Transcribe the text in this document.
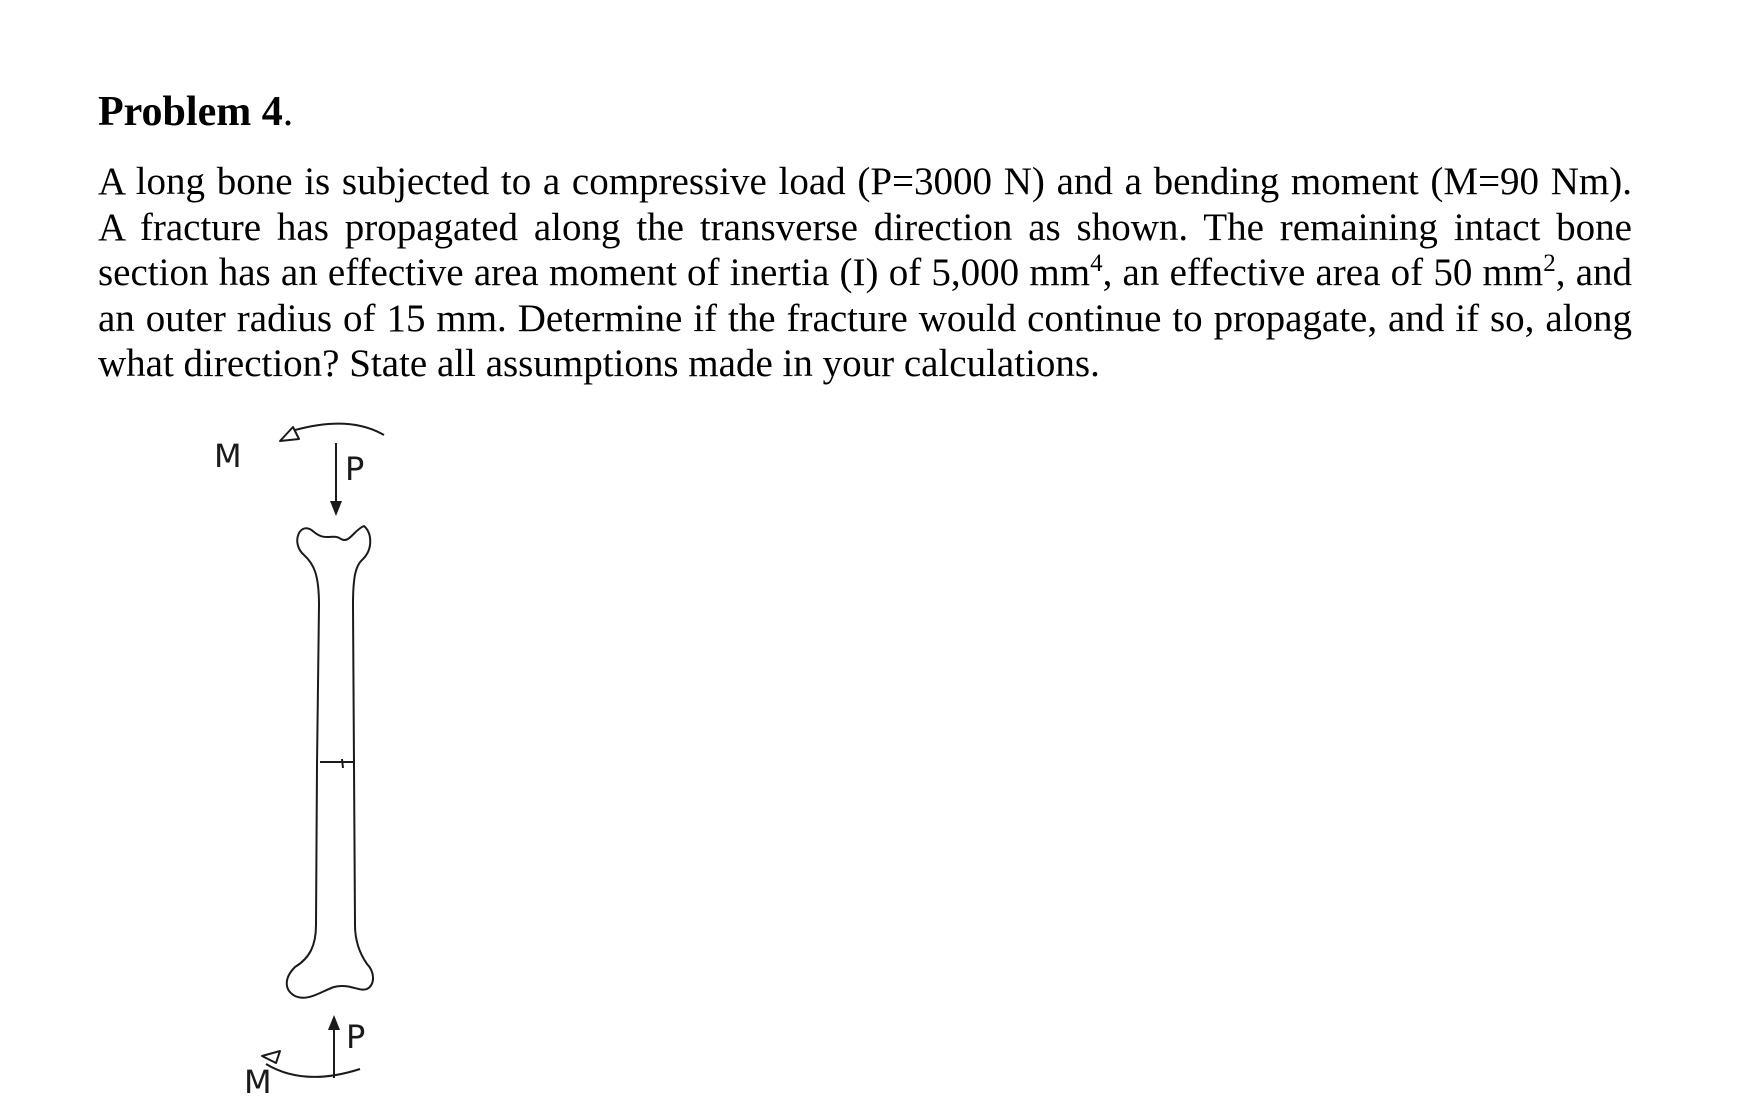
Problem 4.

A long bone is subjected to a compressive load (P=3000 N) and a bending moment (M=90 Nm). A fracture has propagated along the transverse direction as shown. The remaining intact bone section has an effective area moment of inertia (I) of 5,000 $mm^4$, an effective area of 50 $mm^2$, and an outer radius of 15 mm. Determine if the fracture would continue to propagate, and if so, along what direction? State all assumptions made in your calculations.

M	P
P
M
